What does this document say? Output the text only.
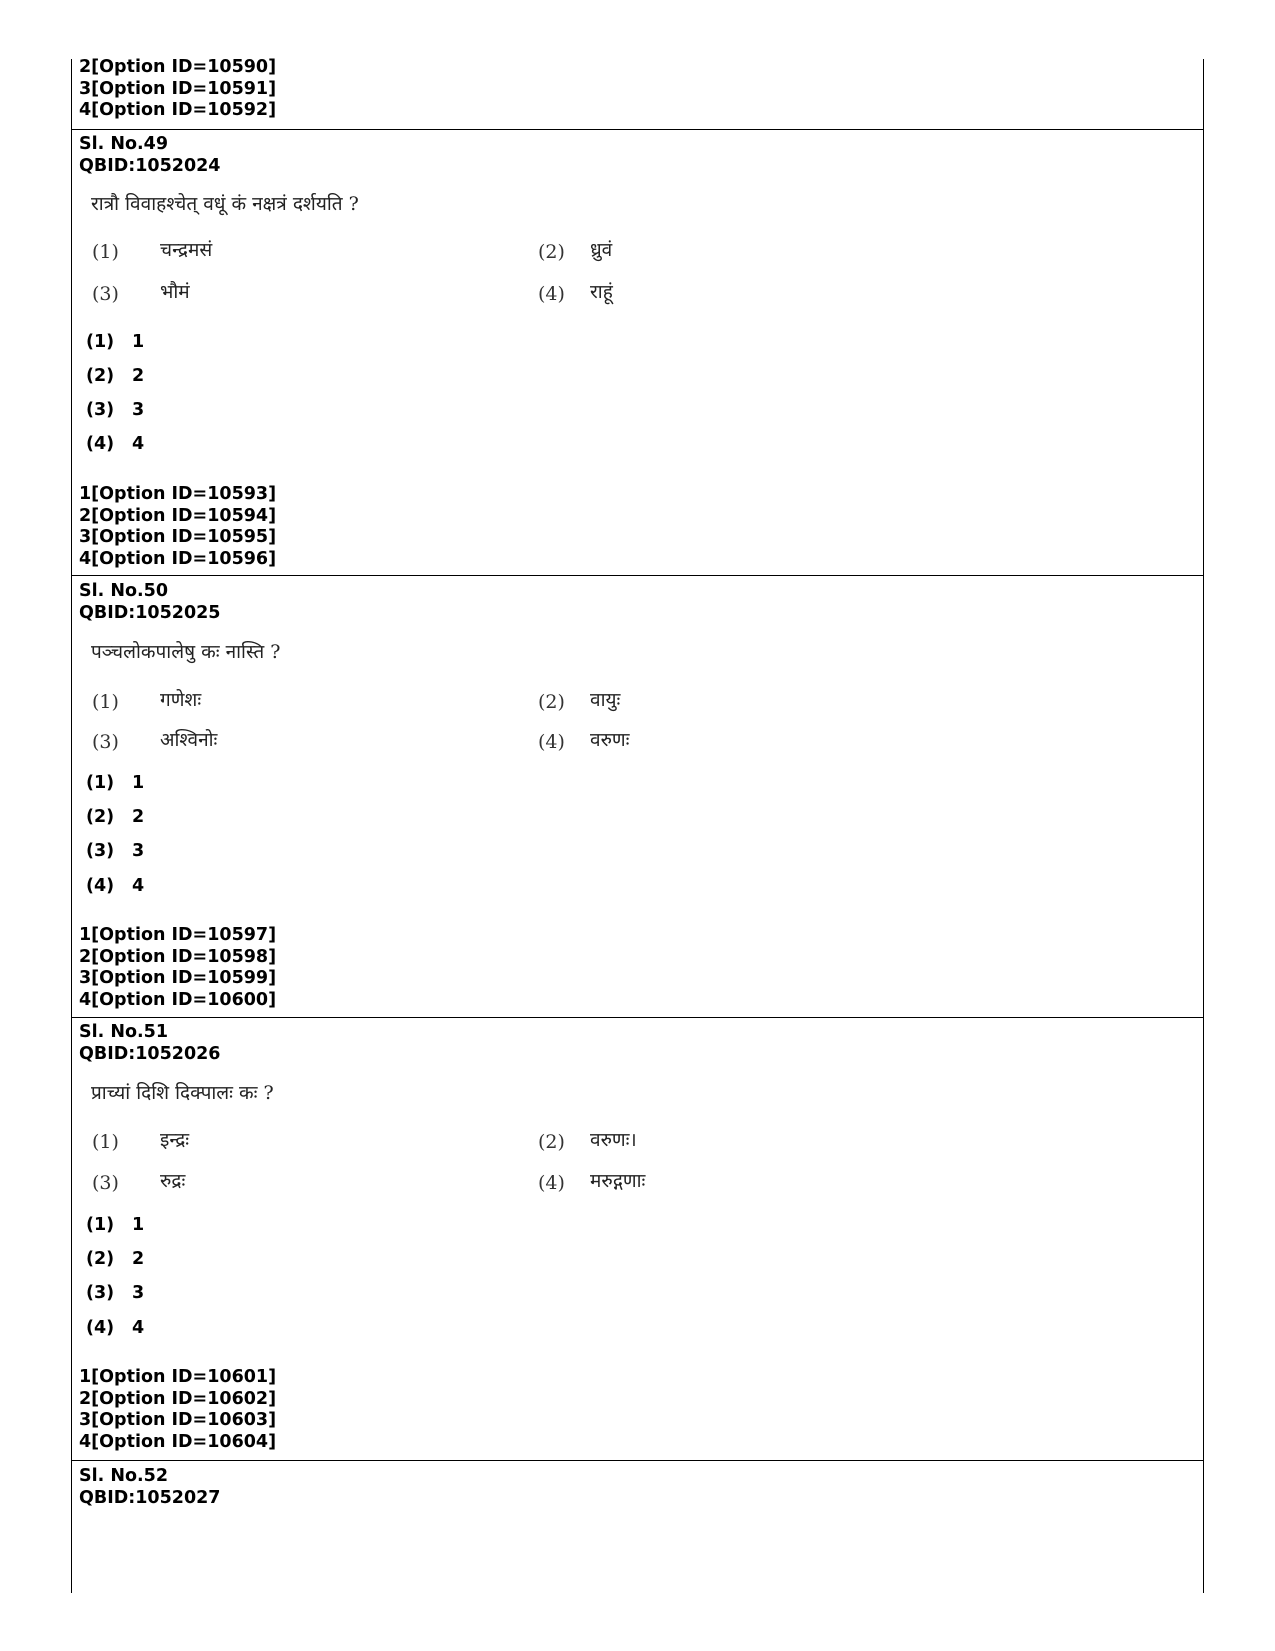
2[Option ID=10590]
3[Option ID=10591]
4[Option ID=10592]
Sl. No.49
QBID:1052024
रात्रौ विवाहश्चेत् वधूं कं नक्षत्रं दर्शयति ?
(1) चन्द्रमसं	(2) ध्रुवं
(3) भौमं	(4) राहूं
(1) 1
(2) 2
(3) 3
(4) 4
1[Option ID=10593]
2[Option ID=10594]
3[Option ID=10595]
4[Option ID=10596]
Sl. No.50
QBID:1052025
पञ्चलोकपालेषु कः नास्ति ?
(1) गणेशः	(2) वायुः
(3) अश्विनोः	(4) वरुणः
(1) 1
(2) 2
(3) 3
(4) 4
1[Option ID=10597]
2[Option ID=10598]
3[Option ID=10599]
4[Option ID=10600]
Sl. No.51
QBID:1052026
प्राच्यां दिशि दिक्पालः कः ?
(1) इन्द्रः	(2) वरुणः।
(3) रुद्रः	(4) मरुद्गणाः
(1) 1
(2) 2
(3) 3
(4) 4
1[Option ID=10601]
2[Option ID=10602]
3[Option ID=10603]
4[Option ID=10604]
Sl. No.52
QBID:1052027
